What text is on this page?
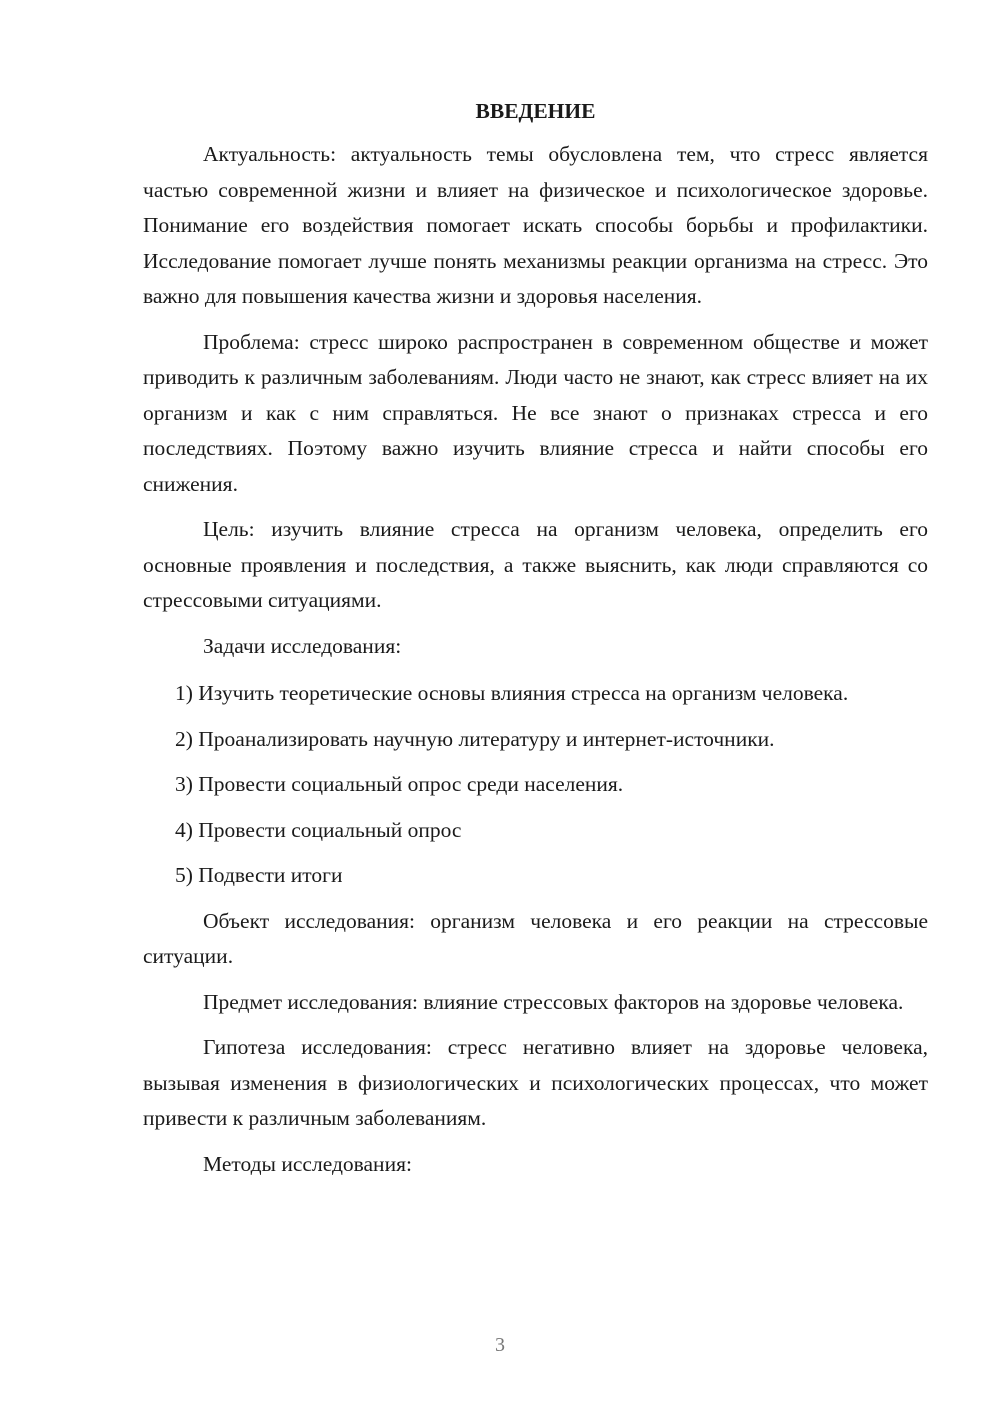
ВВЕДЕНИЕ

Актуальность: актуальность темы обусловлена тем, что стресс является частью современной жизни и влияет на физическое и психологическое здоровье. Понимание его воздействия помогает искать способы борьбы и профилактики. Исследование помогает лучше понять механизмы реакции организма на стресс. Это важно для повышения качества жизни и здоровья населения.

Проблема: стресс широко распространен в современном обществе и может приводить к различным заболеваниям. Люди часто не знают, как стресс влияет на их организм и как с ним справляться. Не все знают о признаках стресса и его последствиях. Поэтому важно изучить влияние стресса и найти способы его снижения.

Цель: изучить влияние стресса на организм человека, определить его основные проявления и последствия, а также выяснить, как люди справляются со стрессовыми ситуациями.

Задачи исследования:

1) Изучить теоретические основы влияния стресса на организм человека.

2) Проанализировать научную литературу и интернет-источники.

3) Провести социальный опрос среди населения.

4) Провести социальный опрос

5) Подвести итоги

Объект исследования: организм человека и его реакции на стрессовые ситуации.

Предмет исследования: влияние стрессовых факторов на здоровье человека.

Гипотеза исследования: стресс негативно влияет на здоровье человека, вызывая изменения в физиологических и психологических процессах, что может привести к различным заболеваниям.

Методы исследования:

3
